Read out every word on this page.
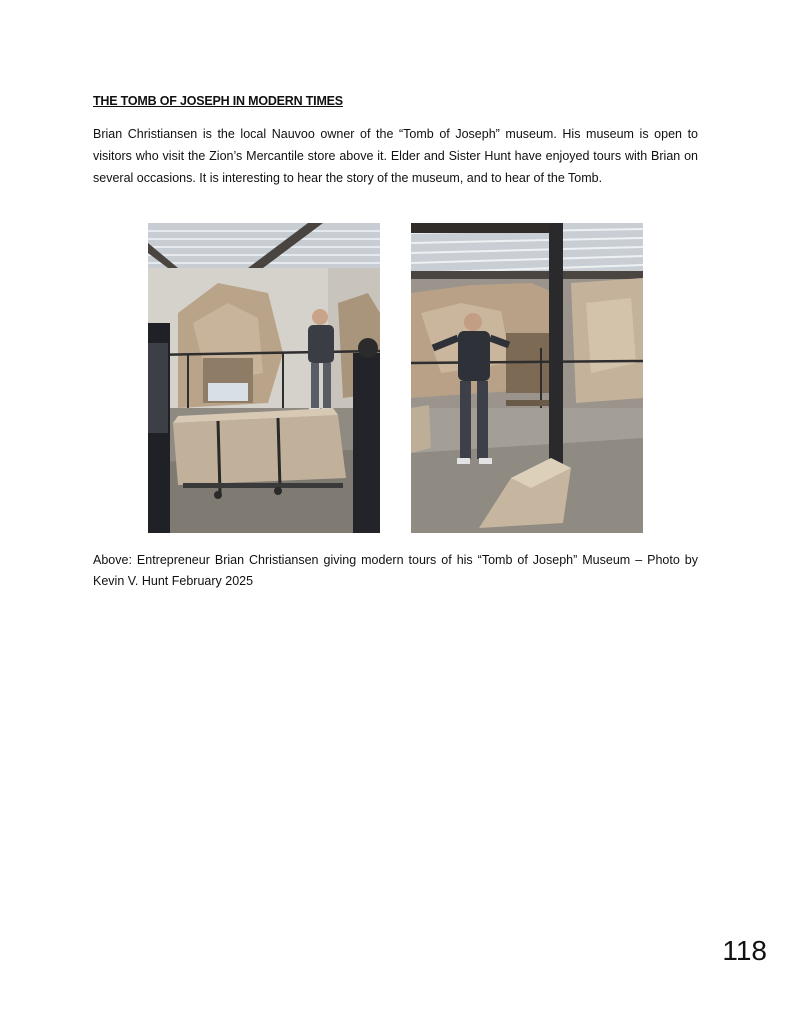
THE TOMB OF JOSEPH IN MODERN TIMES

Brian Christiansen is the local Nauvoo owner of the “Tomb of Joseph” museum. His museum is open to visitors who visit the Zion’s Mercantile store above it. Elder and Sister Hunt have enjoyed tours with Brian on several occasions. It is interesting to hear the story of the museum, and to hear of the Tomb.

Above: Entrepreneur Brian Christiansen giving modern tours of his “Tomb of Joseph” Museum – Photo by Kevin V. Hunt February 2025

118
